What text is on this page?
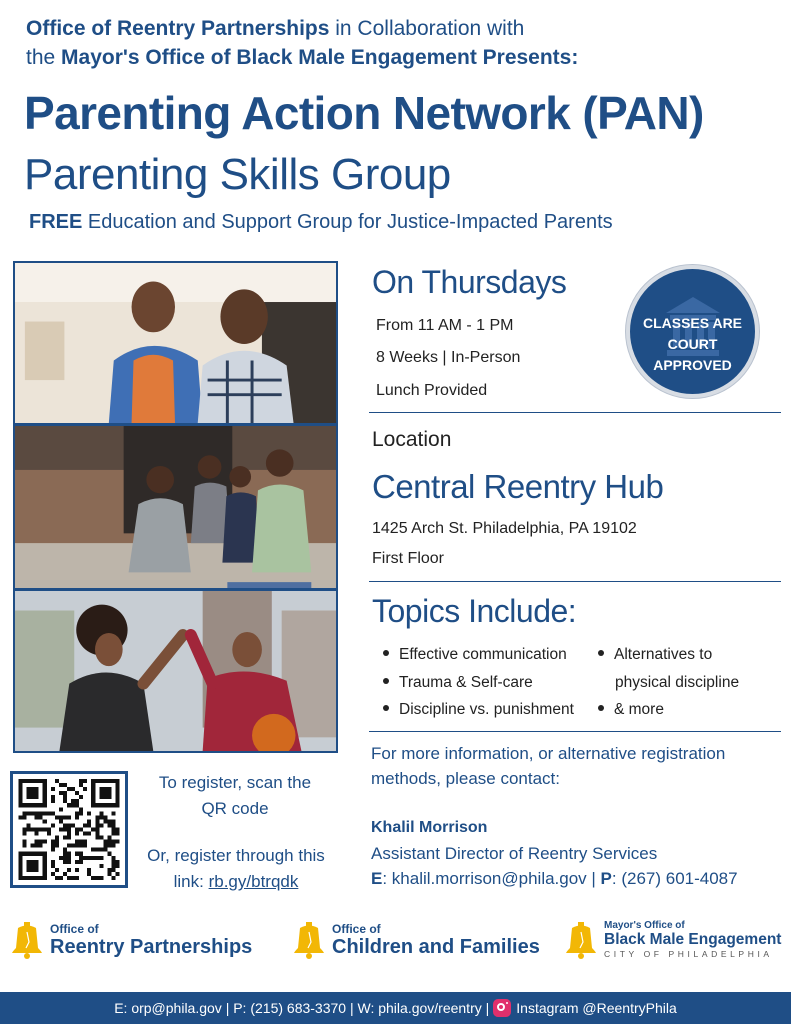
Office of Reentry Partnerships in Collaboration with
the Mayor's Office of Black Male Engagement Presents:
Parenting Action Network (PAN)
Parenting Skills Group
FREE Education and Support Group for Justice-Impacted Parents
On Thursdays
From 11 AM - 1 PM
8 Weeks | In-Person
Lunch Provided
CLASSES ARE
COURT
APPROVED
Location
Central Reentry Hub
1425 Arch St. Philadelphia, PA 19102
First Floor
Topics Include:
Effective communication
Trauma & Self-care
Discipline vs. punishment
Alternatives to
physical discipline
& more
For more information, or alternative registration methods, please contact:
Khalil Morrison
Assistant Director of Reentry Services
E: khalil.morrison@phila.gov | P: (267) 601-4087
To register, scan the
QR code
Or, register through this
link: rb.gy/btrqdk
Office of
Reentry Partnerships
Office of
Children and Families
Mayor's Office of
Black Male Engagement
CITY OF PHILADELPHIA
E: orp@phila.gov | P: (215) 683-3370 | W: phila.gov/reentry | Instagram @ReentryPhila
